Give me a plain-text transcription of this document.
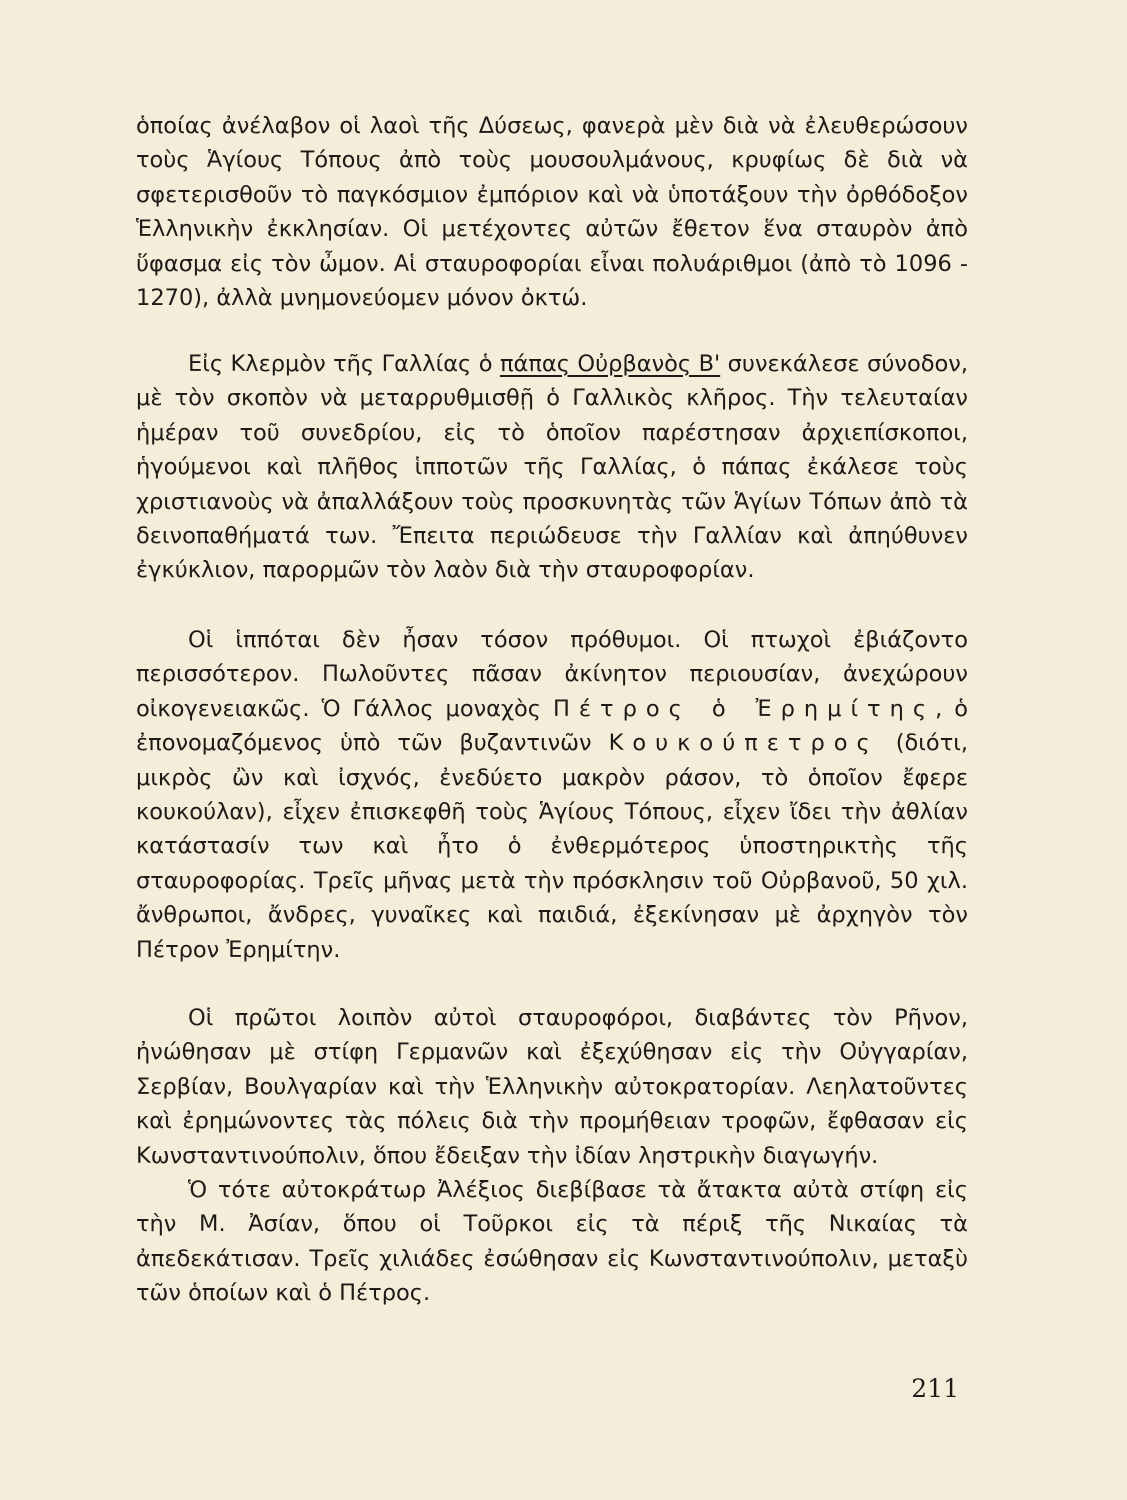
ὁποίας ἀνέλαβον οἱ λαοὶ τῆς Δύσεως, φανερὰ μὲν διὰ νὰ ἐλευθερώσουν τοὺς Ἁγίους Τόπους ἀπὸ τοὺς μουσουλμάνους, κρυφίως δὲ διὰ νὰ σφετερισθοῦν τὸ παγκόσμιον ἐμπόριον καὶ νὰ ὑποτάξουν τὴν ὀρθόδοξον Ἑλληνικὴν ἐκκλησίαν. Οἱ μετέχοντες αὐτῶν ἔθετον ἕνα σταυρὸν ἀπὸ ὕφασμα εἰς τὸν ὦμον. Αἱ σταυροφορίαι εἶναι πολυάριθμοι (ἀπὸ τὸ 1096 - 1270), ἀλλὰ μνημονεύομεν μόνον ὀκτώ.

Εἰς Κλερμὸν τῆς Γαλλίας ὁ πάπας Οὐρβανὸς Β' συνεκάλεσε σύνοδον, μὲ τὸν σκοπὸν νὰ μεταρρυθμισθῇ ὁ Γαλλικὸς κλῆρος. Τὴν τελευταίαν ἡμέραν τοῦ συνεδρίου, εἰς τὸ ὁποῖον παρέστησαν ἀρχιεπίσκοποι, ἡγούμενοι καὶ πλῆθος ἱπποτῶν τῆς Γαλλίας, ὁ πάπας ἐκάλεσε τοὺς χριστιανοὺς νὰ ἀπαλλάξουν τοὺς προσκυνητὰς τῶν Ἁγίων Τόπων ἀπὸ τὰ δεινοπαθήματά των. Ἔπειτα περιώδευσε τὴν Γαλλίαν καὶ ἀπηύθυνεν ἐγκύκλιον, παρορμῶν τὸν λαὸν διὰ τὴν σταυροφορίαν.

Οἱ ἱππόται δὲν ἦσαν τόσον πρόθυμοι. Οἱ πτωχοὶ ἐβιάζοντο περισσότερον. Πωλοῦντες πᾶσαν ἀκίνητον περιουσίαν, ἀνεχώρουν οἰκογενειακῶς. Ὁ Γάλλος μοναχὸς Πέτρος ὁ Ἐρημίτης, ὁ ἐπονομαζόμενος ὑπὸ τῶν βυζαντινῶν Κουκούπετρος (διότι, μικρὸς ὢν καὶ ἰσχνός, ἐνεδύετο μακρὸν ράσον, τὸ ὁποῖον ἔφερε κουκούλαν), εἶχεν ἐπισκεφθῆ τοὺς Ἁγίους Τόπους, εἶχεν ἴδει τὴν ἀθλίαν κατάστασίν των καὶ ἦτο ὁ ἐνθερμότερος ὑποστηρικτὴς τῆς σταυροφορίας. Τρεῖς μῆνας μετὰ τὴν πρόσκλησιν τοῦ Οὐρβανοῦ, 50 χιλ. ἄνθρωποι, ἄνδρες, γυναῖκες καὶ παιδιά, ἐξεκίνησαν μὲ ἀρχηγὸν τὸν Πέτρον Ἐρημίτην.

Οἱ πρῶτοι λοιπὸν αὐτοὶ σταυροφόροι, διαβάντες τὸν Ρῆνον, ἠνώθησαν μὲ στίφη Γερμανῶν καὶ ἐξεχύθησαν εἰς τὴν Οὐγγαρίαν, Σερβίαν, Βουλγαρίαν καὶ τὴν Ἑλληνικὴν αὐτοκρατορίαν. Λεηλατοῦντες καὶ ἐρημώνοντες τὰς πόλεις διὰ τὴν προμήθειαν τροφῶν, ἔφθασαν εἰς Κωνσταντινούπολιν, ὅπου ἔδειξαν τὴν ἰδίαν ληστρικὴν διαγωγήν.

Ὁ τότε αὐτοκράτωρ Ἀλέξιος διεβίβασε τὰ ἄτακτα αὐτὰ στίφη εἰς τὴν Μ. Ἀσίαν, ὅπου οἱ Τοῦρκοι εἰς τὰ πέριξ τῆς Νικαίας τὰ ἀπεδεκάτισαν. Τρεῖς χιλιάδες ἐσώθησαν εἰς Κωνσταντινούπολιν, μεταξὺ τῶν ὁποίων καὶ ὁ Πέτρος.

211
